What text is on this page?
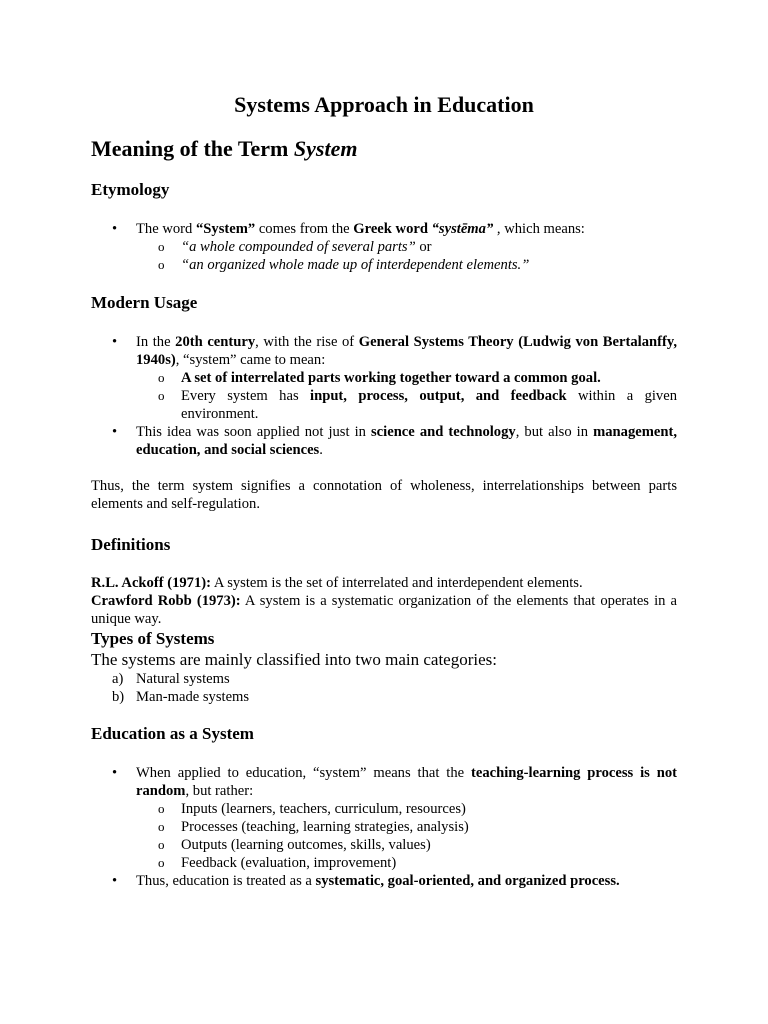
Systems Approach in Education
Meaning of the Term System
Etymology
• The word “System” comes from the Greek word “systēma” , which means:
o “a whole compounded of several parts” or
o “an organized whole made up of interdependent elements.”
Modern Usage
• In the 20th century, with the rise of General Systems Theory (Ludwig von Bertalanffy, 1940s), “system” came to mean:
o A set of interrelated parts working together toward a common goal.
o Every system has input, process, output, and feedback within a given environment.
• This idea was soon applied not just in science and technology, but also in management, education, and social sciences.

Thus, the term system signifies a connotation of wholeness, interrelationships between parts elements and self-regulation.

Definitions

R.L. Ackoff (1971): A system is the set of interrelated and interdependent elements.

Crawford Robb (1973): A system is a systematic organization of the elements that operates in a unique way.

Types of Systems

The systems are mainly classified into two main categories:

a) Natural systems
b) Man-made systems
Education as a System
• When applied to education, “system” means that the teaching-learning process is not random, but rather:
o Inputs (learners, teachers, curriculum, resources)
o Processes (teaching, learning strategies, analysis)
o Outputs (learning outcomes, skills, values)
o Feedback (evaluation, improvement)
• Thus, education is treated as a systematic, goal-oriented, and organized process.
